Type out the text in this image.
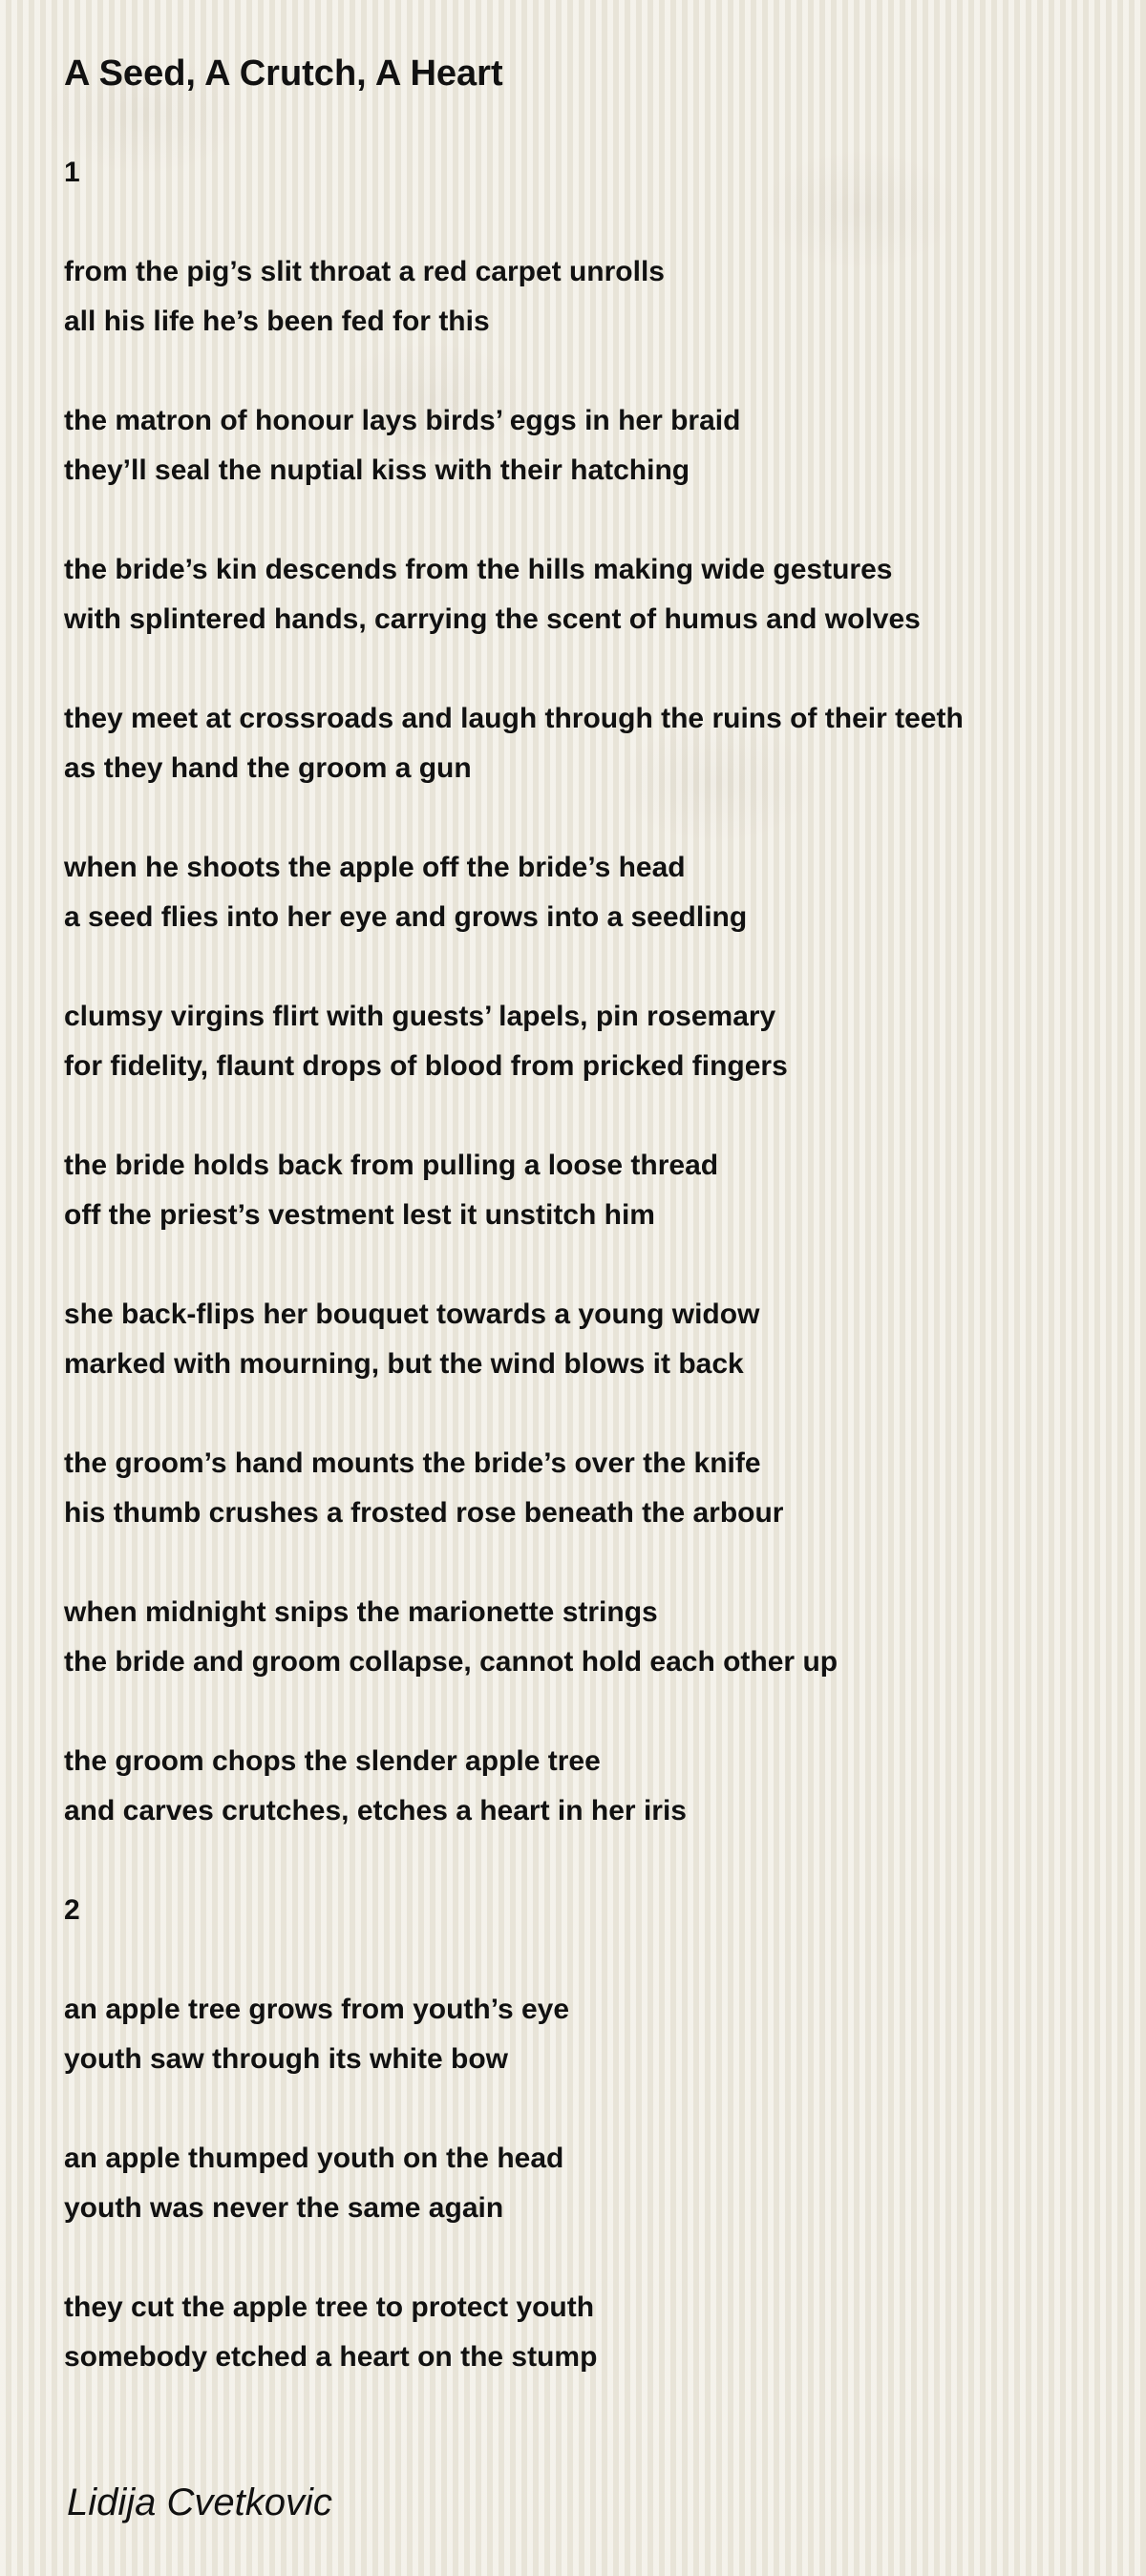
A Seed, A Crutch, A Heart
1
from the pig’s slit throat a red carpet unrolls
all his life he’s been fed for this
the matron of honour lays birds’ eggs in her braid
they’ll seal the nuptial kiss with their hatching
the bride’s kin descends from the hills making wide gestures
with splintered hands, carrying the scent of humus and wolves
they meet at crossroads and laugh through the ruins of their teeth
as they hand the groom a gun
when he shoots the apple off the bride’s head
a seed flies into her eye and grows into a seedling
clumsy virgins flirt with guests’ lapels, pin rosemary
for fidelity, flaunt drops of blood from pricked fingers
the bride holds back from pulling a loose thread
off the priest’s vestment lest it unstitch him
she back-flips her bouquet towards a young widow
marked with mourning, but the wind blows it back
the groom’s hand mounts the bride’s over the knife
his thumb crushes a frosted rose beneath the arbour
when midnight snips the marionette strings
the bride and groom collapse, cannot hold each other up
the groom chops the slender apple tree
and carves crutches, etches a heart in her iris
2
an apple tree grows from youth’s eye
youth saw through its white bow
an apple thumped youth on the head
youth was never the same again
they cut the apple tree to protect youth
somebody etched a heart on the stump
Lidija Cvetkovic
